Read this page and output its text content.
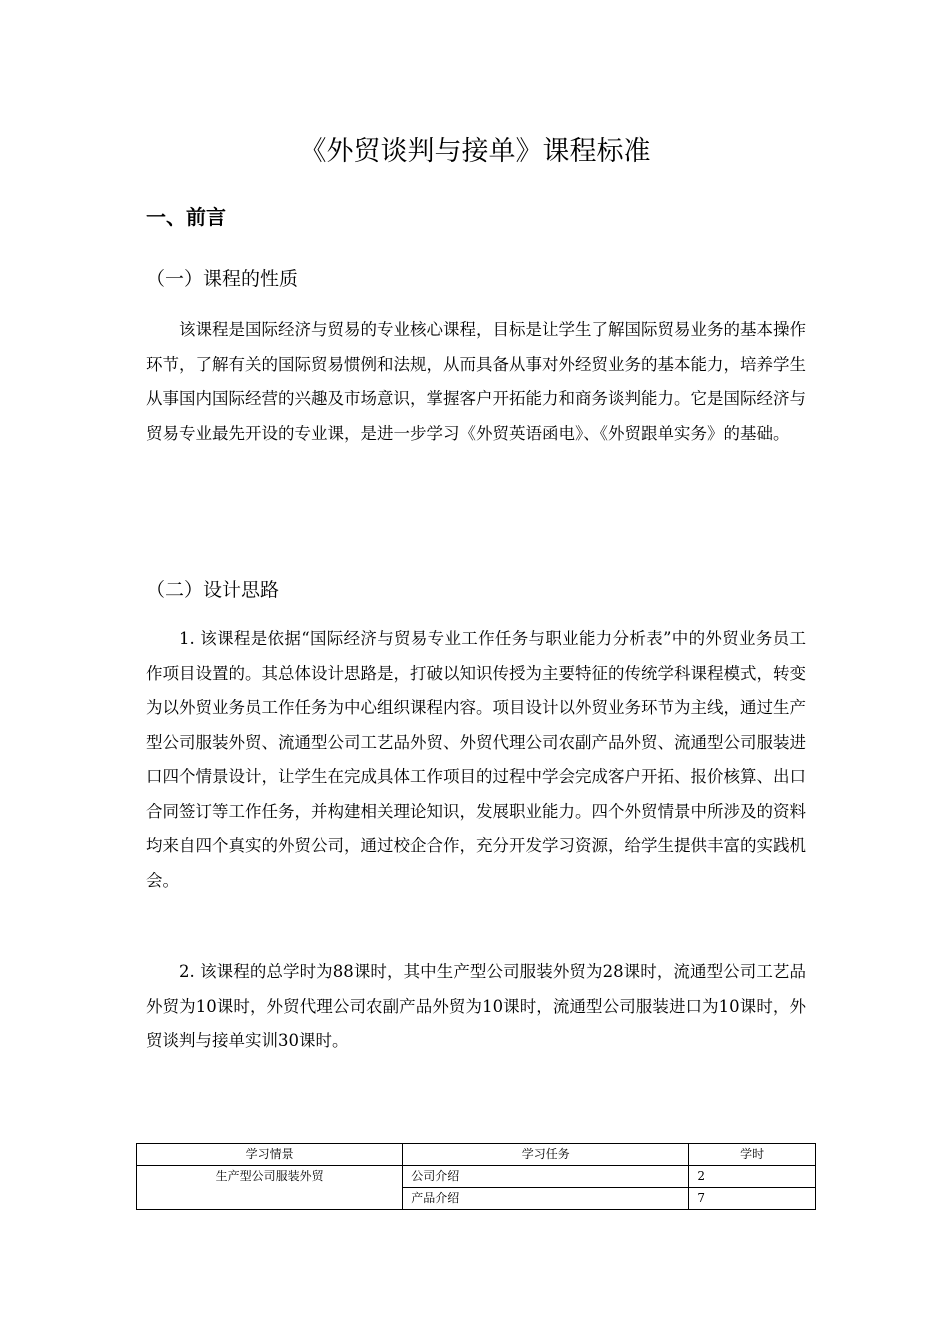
《外贸谈判与接单》课程标准
一、前言
（一）课程的性质
该课程是国际经济与贸易的专业核心课程，目标是让学生了解国际贸易业务的基本操作环节，了解有关的国际贸易惯例和法规，从而具备从事对外经贸业务的基本能力，培养学生从事国内国际经营的兴趣及市场意识，掌握客户开拓能力和商务谈判能力。它是国际经济与贸易专业最先开设的专业课，是进一步学习《外贸英语函电》、《外贸跟单实务》的基础。
（二）设计思路
1. 该课程是依据“国际经济与贸易专业工作任务与职业能力分析表”中的外贸业务员工作项目设置的。其总体设计思路是，打破以知识传授为主要特征的传统学科课程模式，转变为以外贸业务员工作任务为中心组织课程内容。项目设计以外贸业务环节为主线，通过生产型公司服装外贸、流通型公司工艺品外贸、外贸代理公司农副产品外贸、流通型公司服装进口四个情景设计，让学生在完成具体工作项目的过程中学会完成客户开拓、报价核算、出口合同签订等工作任务，并构建相关理论知识，发展职业能力。四个外贸情景中所涉及的资料均来自四个真实的外贸公司，通过校企合作，充分开发学习资源，给学生提供丰富的实践机会。
2. 该课程的总学时为88课时，其中生产型公司服装外贸为28课时，流通型公司工艺品外贸为10课时，外贸代理公司农副产品外贸为10课时，流通型公司服装进口为10课时，外贸谈判与接单实训30课时。
学习情景	学习任务	学时
生产型公司服装外贸	公司介绍	2
	产品介绍	7
